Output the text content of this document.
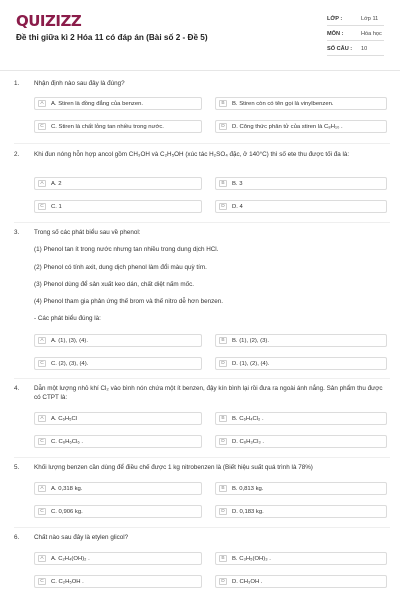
QUIZIZZ
Đề thi giữa kì 2 Hóa 11 có đáp án (Bài số 2 - Đề 5)
LỚP :	Lớp 11
MÔN :	Hóa học
SỐ CÂU : 10
1. Nhận định nào sau đây là đúng?
A	A. Stiren là đồng đẳng của benzen.	B	B. Stiren còn có tên gọi là vinylbenzen.
C	C. Stiren là chất lỏng tan nhiều trong nước.	D	D. Công thức phân tử của stiren là C₈H₁₀ .
2. Khi đun nóng hỗn hợp ancol gồm CH₃OH và C₂H₅OH (xúc tác H₂SO₄ đặc, ở 140°C) thì số ete thu được tối đa là:
A	A. 2	B	B. 3
C	C. 1	D	D. 4
3. Trong số các phát biểu sau về phenol:
(1) Phenol tan ít trong nước nhưng tan nhiều trong dung dịch HCl.
(2) Phenol có tính axit, dung dịch phenol làm đổi màu quỳ tím.
(3) Phenol dùng để sản xuất keo dán, chất diệt nấm mốc.
(4) Phenol tham gia phản ứng thế brom và thế nitro dễ hơn benzen.
- Các phát biểu đúng là:
A	A. (1), (3), (4).	B	B. (1), (2), (3).
C	C. (2), (3), (4).	D	D. (1), (2), (4).
4. Dẫn một lượng nhỏ khí Cl₂ vào bình nón chứa một ít benzen, đậy kín bình lại rồi đưa ra ngoài ánh nắng. Sản phẩm thu được có CTPT là:
A	A. C₆H₅Cl	B	B. C₆H₄Cl₂ .
C	C. C₆H₆Cl₆ .	D	D. C₆H₃Cl₃ .
5. Khối lượng benzen cần dùng để điều chế được 1 kg nitrobenzen là (Biết hiệu suất quá trình là 78%)
A	A. 0,318 kg.	B	B. 0,813 kg.
C	C. 0,906 kg.	D	D. 0,183 kg.
6. Chất nào sau đây là etylen glicol?
A	A. C₂H₄(OH)₂ .	B	B. C₃H₅(OH)₃ .
C	C. C₂H₅OH .	D	D. CH₃OH .
